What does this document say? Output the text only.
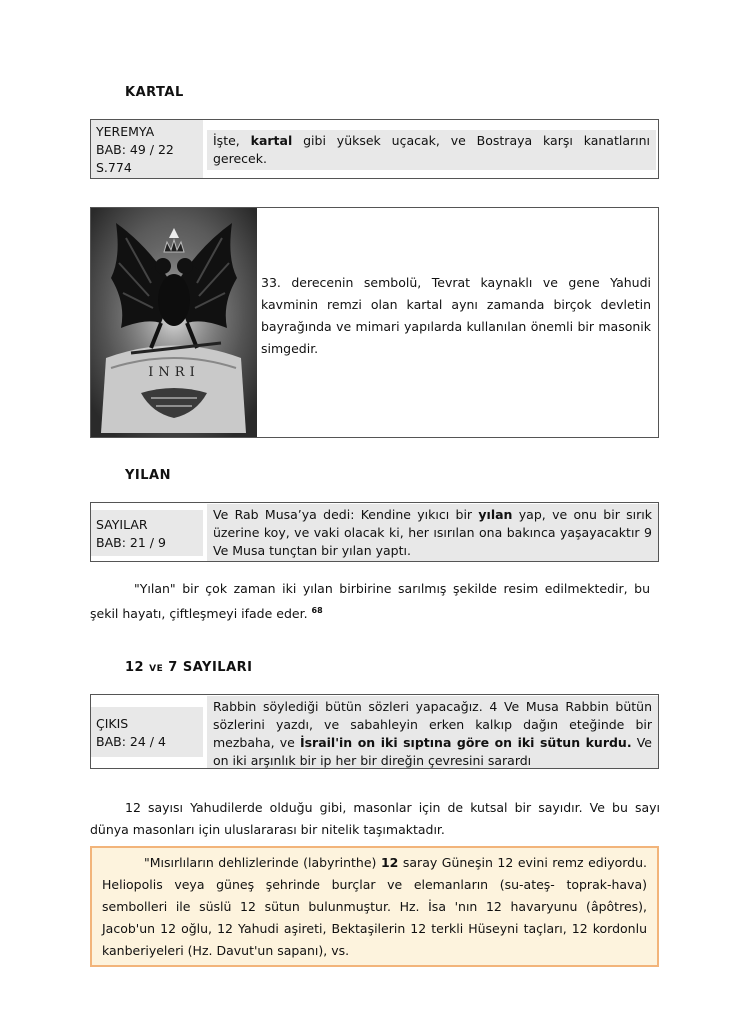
KARTAL
YEREMYA
BAB: 49 / 22
S.774
İşte, kartal gibi yüksek uçacak, ve Bostraya karşı kanatlarını gerecek.
INRI
33. derecenin sembolü, Tevrat kaynaklı ve gene Yahudi kavminin remzi olan kartal aynı zamanda birçok devletin bayrağında ve mimari yapılarda kullanılan önemli bir masonik simgedir.
YILAN
SAYILAR
BAB: 21 / 9
Ve Rab Musa’ya dedi: Kendine yıkıcı bir yılan yap, ve onu bir sırık üzerine koy, ve vaki olacak ki, her ısırılan ona bakınca yaşayacaktır 9 Ve Musa tunçtan bir yılan yaptı.
"Yılan" bir çok zaman iki yılan birbirine sarılmış şekilde resim edilmektedir, bu şekil hayatı, çiftleşmeyi ifade eder. $^{68}$
12 VE 7 SAYILARI
ÇIKIS
BAB: 24 / 4
Rabbin söylediği bütün sözleri yapacağız. 4 Ve Musa Rabbin bütün sözlerini yazdı, ve sabahleyin erken kalkıp dağın eteğinde bir mezbaha, ve İsrail'in on iki sıptına göre on iki sütun kurdu. Ve on iki arşınlık bir ip her bir direğin çevresini sarardı
12 sayısı Yahudilerde olduğu gibi, masonlar için de kutsal bir sayıdır. Ve bu sayı dünya masonları için uluslararası bir nitelik taşımaktadır.
"Mısırlıların dehlizlerinde (labyrinthe) 12 saray Güneşin 12 evini remz ediyordu. Heliopolis veya güneş şehrinde burçlar ve elemanların (su-ateş- toprak-hava) sembolleri ile süslü 12 sütun bulunmuştur. Hz. İsa 'nın 12 havaryunu (âpôtres), Jacob'un 12 oğlu, 12 Yahudi aşireti, Bektaşilerin 12 terkli Hüseyni taçları, 12 kordonlu kanberiyeleri (Hz. Davut'un sapanı), vs.
